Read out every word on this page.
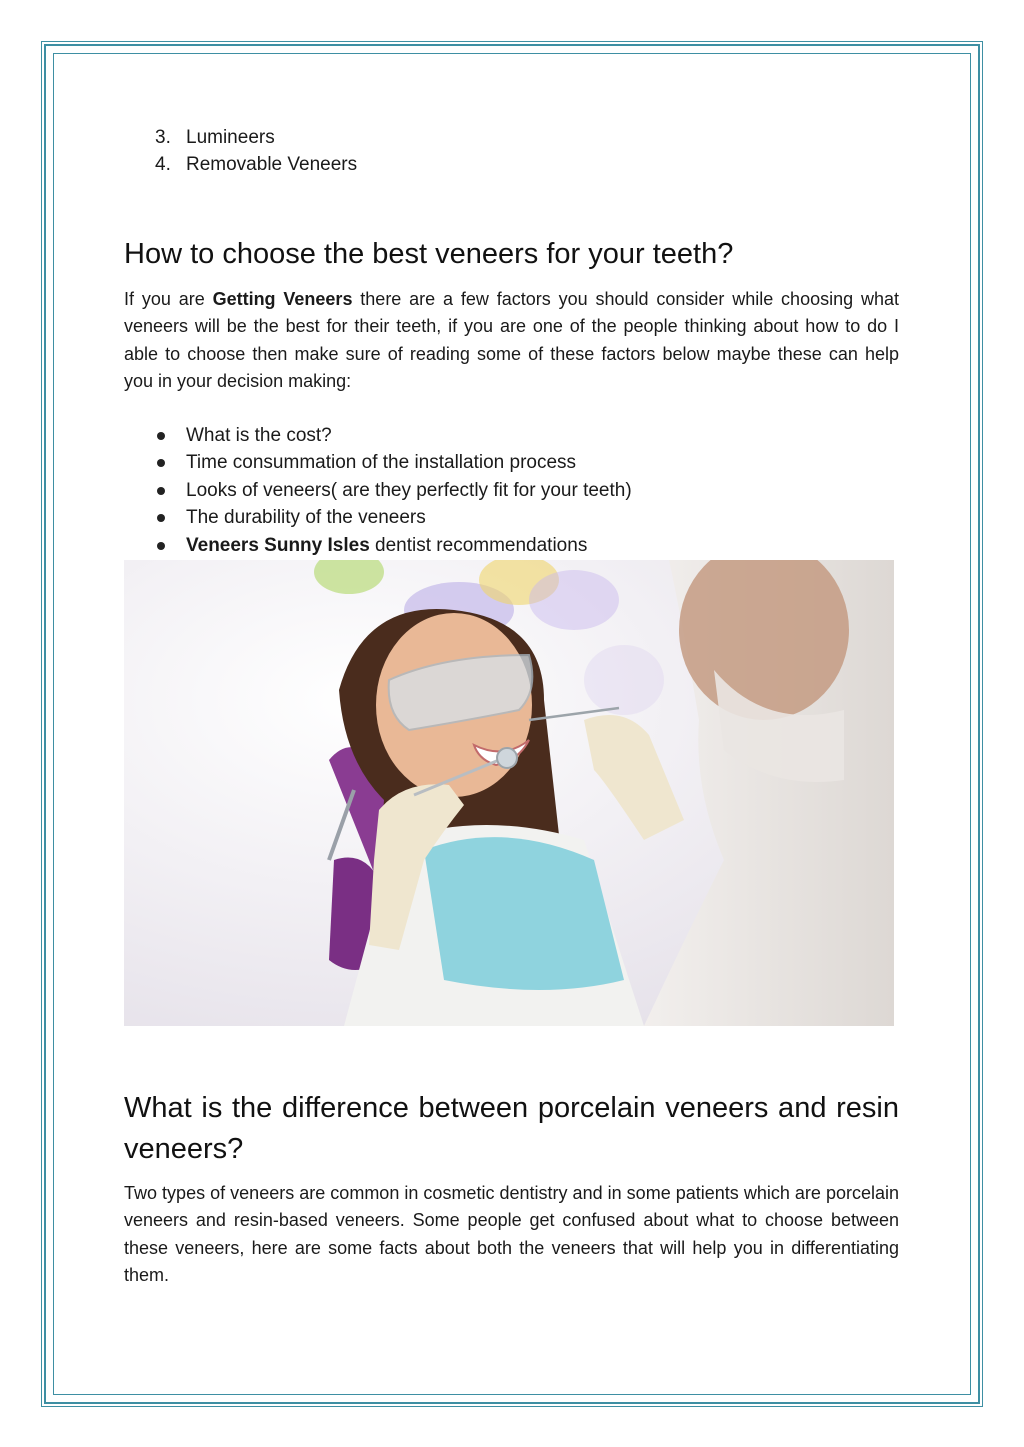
3. Lumineers
4. Removable Veneers
How to choose the best veneers for your teeth?

If you are Getting Veneers there are a few factors you should consider while choosing what veneers will be the best for their teeth, if you are one of the people thinking about how to do I able to choose then make sure of reading some of these factors below maybe these can help you in your decision making:

What is the cost?
Time consummation of the installation process
Looks of veneers( are they perfectly fit for your teeth)
The durability of the veneers
Veneers Sunny Isles dentist recommendations
What is the difference between porcelain veneers and resin veneers?

Two types of veneers are common in cosmetic dentistry and in some patients which are porcelain veneers and resin-based veneers. Some people get confused about what to choose between these veneers, here are some facts about both the veneers that will help you in differentiating them.
